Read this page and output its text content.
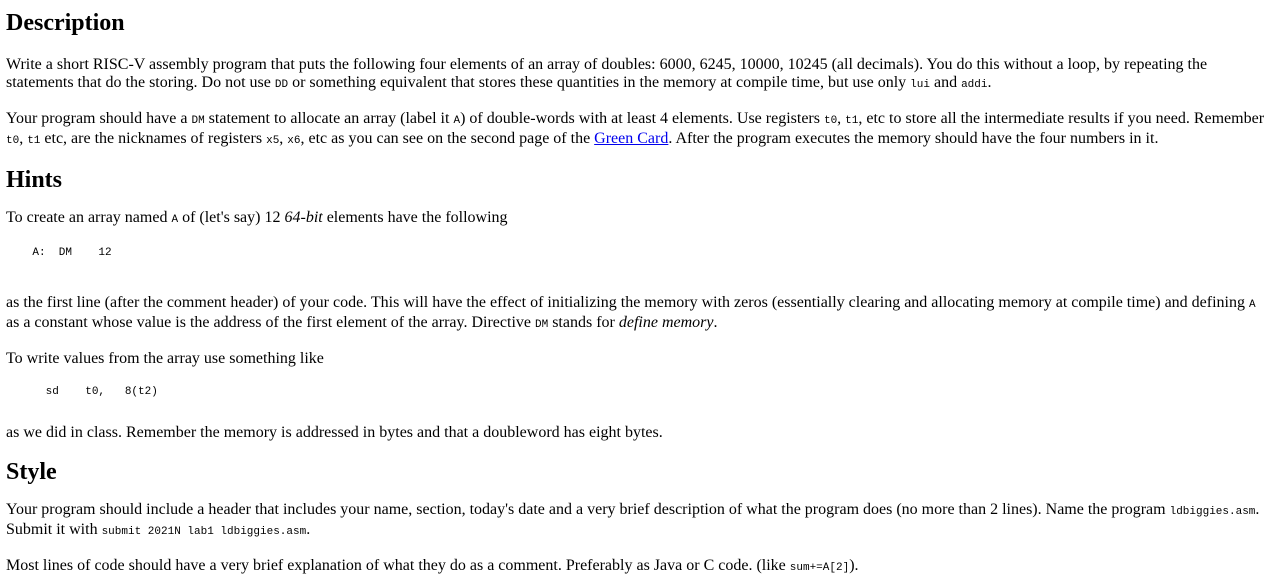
Description

Write a short RISC-V assembly program that puts the following four elements of an array of doubles: 6000, 6245, 10000, 10245 (all decimals). You do this without a loop, by repeating the statements that do the storing. Do not use DD or something equivalent that stores these quantities in the memory at compile time, but use only lui and addi.

Your program should have a DM statement to allocate an array (label it A) of double-words with at least 4 elements. Use registers t0, t1, etc to store all the intermediate results if you need. Remember t0, t1 etc, are the nicknames of registers x5, x6, etc as you can see on the second page of the Green Card. After the program executes the memory should have the four numbers in it.

Hints

To create an array named A of (let's say) 12 64-bit elements have the following

A:  DM    12

as the first line (after the comment header) of your code. This will have the effect of initializing the memory with zeros (essentially clearing and allocating memory at compile time) and defining A as a constant whose value is the address of the first element of the array. Directive DM stands for define memory.

To write values from the array use something like

sd    t0,   8(t2)

as we did in class. Remember the memory is addressed in bytes and that a doubleword has eight bytes.

Style

Your program should include a header that includes your name, section, today's date and a very brief description of what the program does (no more than 2 lines). Name the program ldbiggies.asm. Submit it with submit 2021N lab1 ldbiggies.asm.

Most lines of code should have a very brief explanation of what they do as a comment. Preferably as Java or C code. (like sum+=A[2]).
